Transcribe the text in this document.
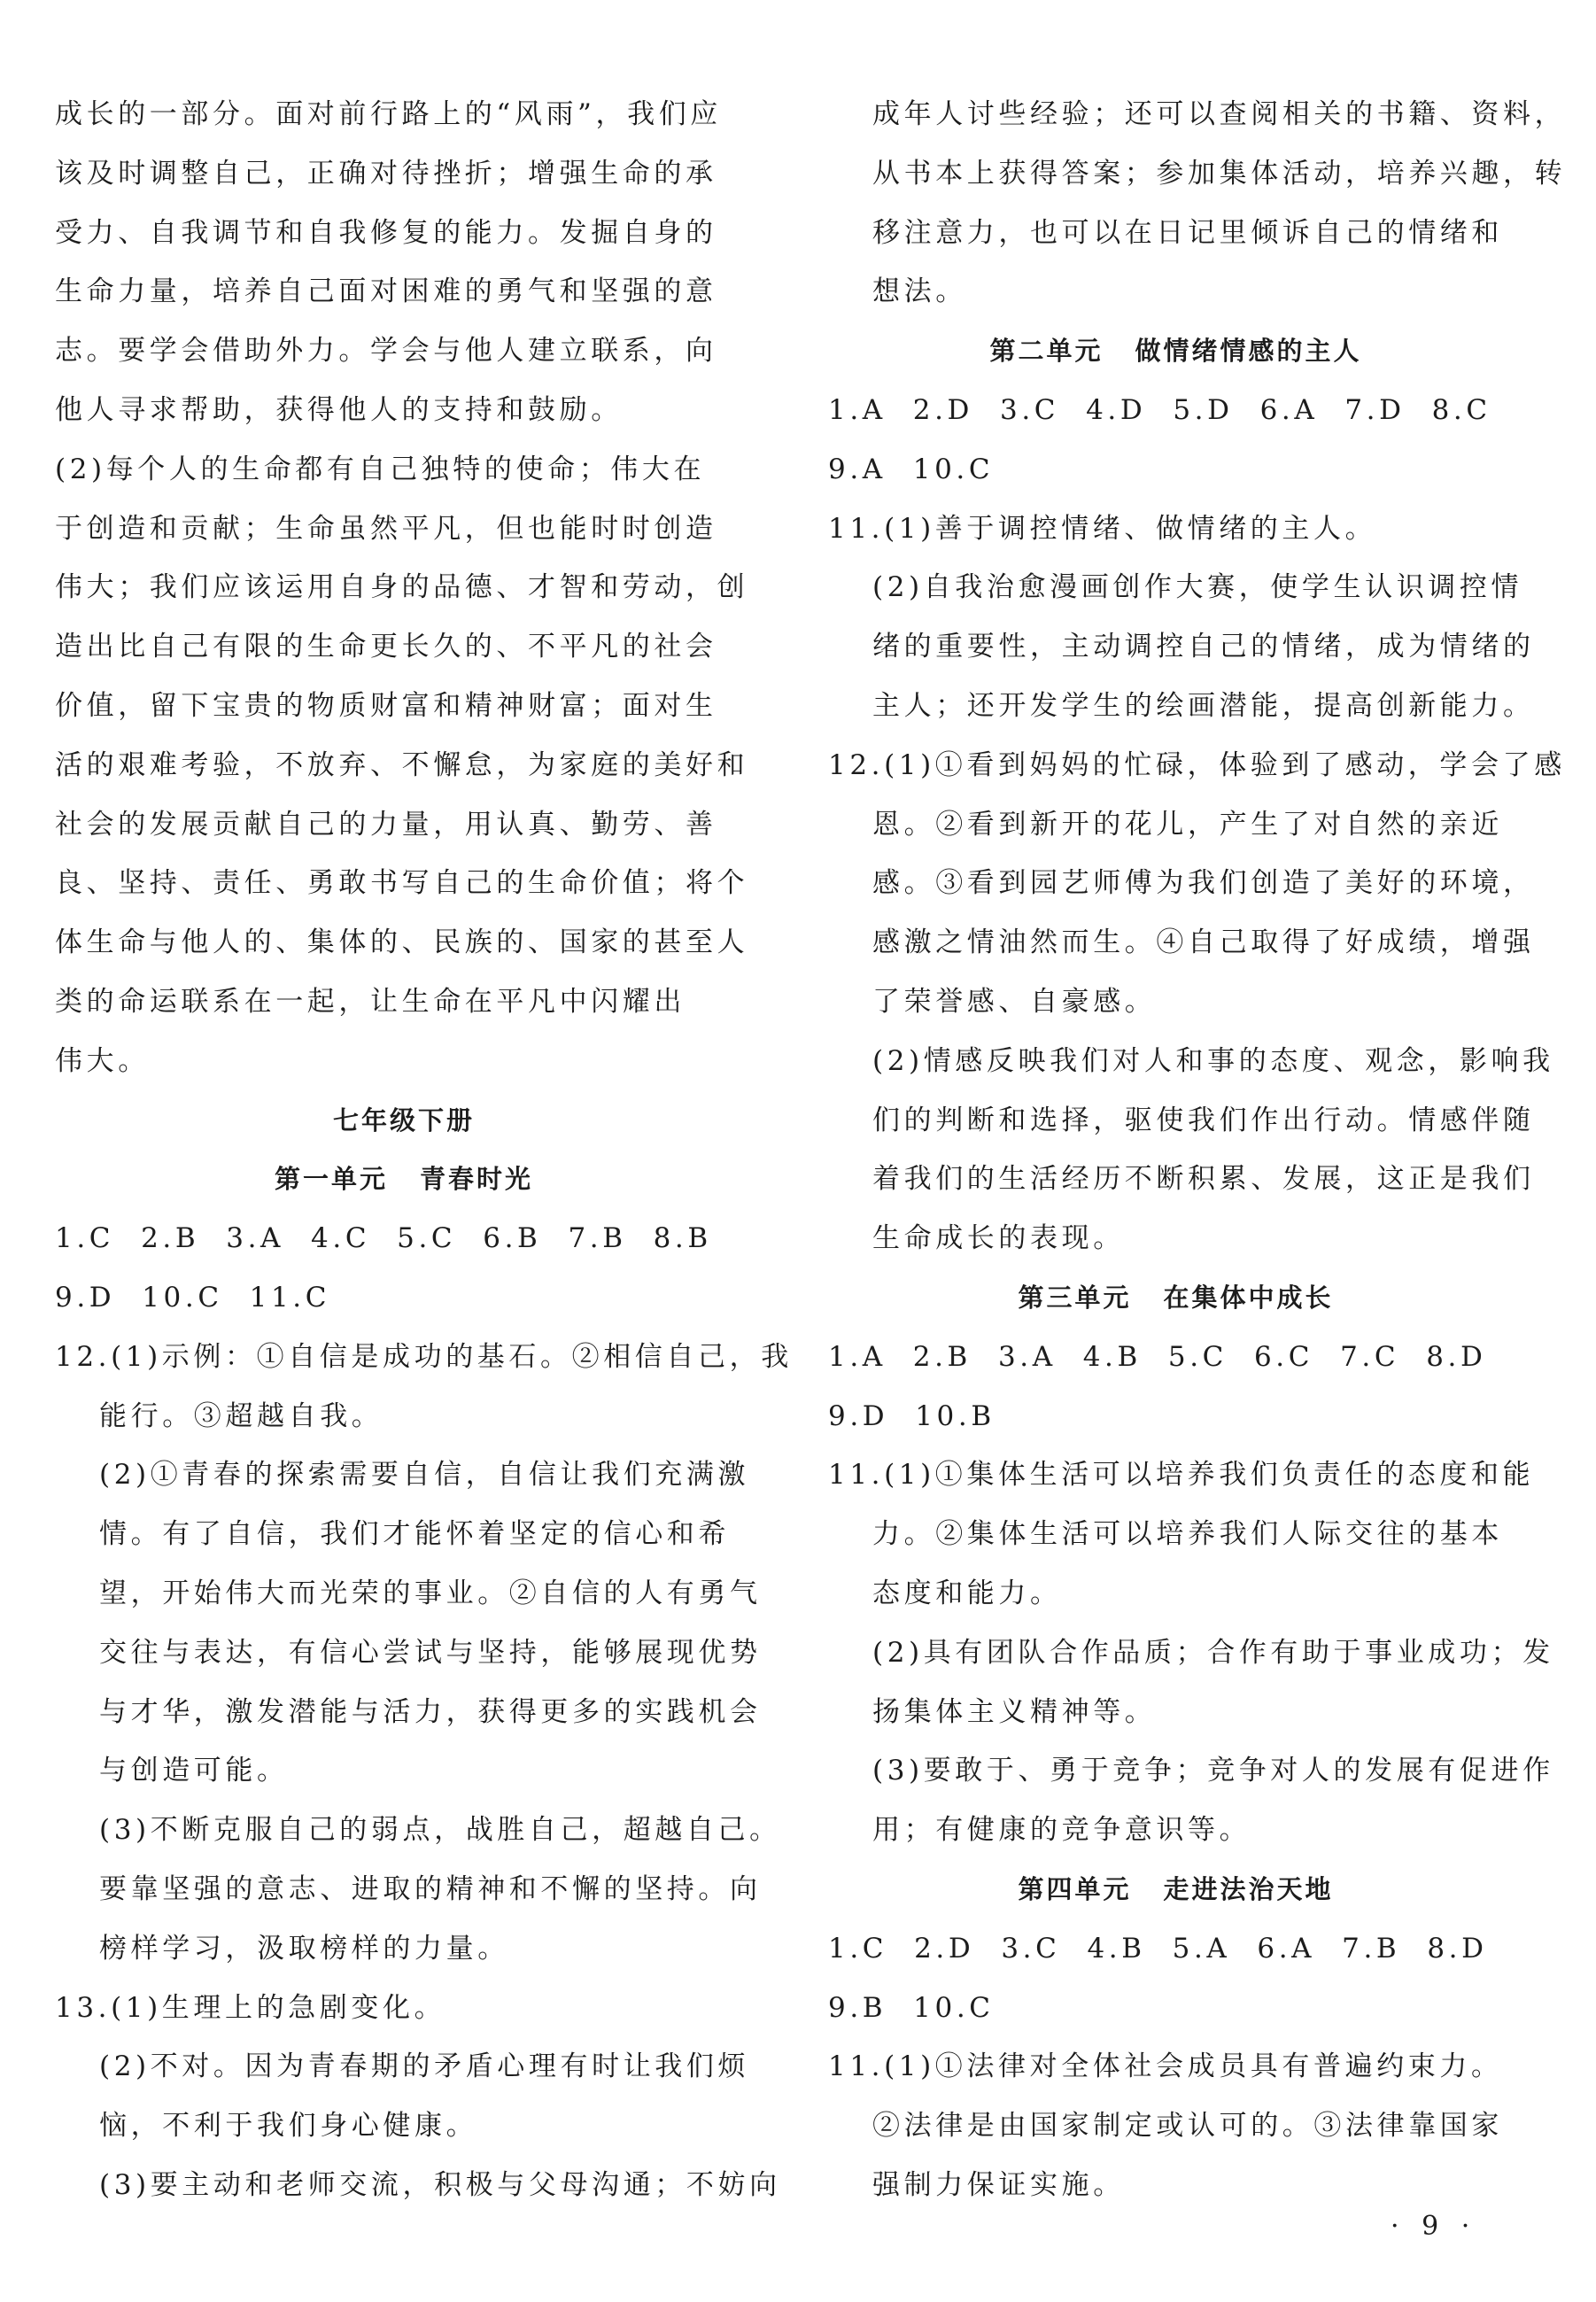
成长的一部分。面对前行路上的“风雨”，我们应
该及时调整自己，正确对待挫折；增强生命的承
受力、自我调节和自我修复的能力。发掘自身的
生命力量，培养自己面对困难的勇气和坚强的意
志。要学会借助外力。学会与他人建立联系，向
他人寻求帮助，获得他人的支持和鼓励。
(2)每个人的生命都有自己独特的使命；伟大在
于创造和贡献；生命虽然平凡，但也能时时创造
伟大；我们应该运用自身的品德、才智和劳动，创
造出比自己有限的生命更长久的、不平凡的社会
价值，留下宝贵的物质财富和精神财富；面对生
活的艰难考验，不放弃、不懈怠，为家庭的美好和
社会的发展贡献自己的力量，用认真、勤劳、善
良、坚持、责任、勇敢书写自己的生命价值；将个
体生命与他人的、集体的、民族的、国家的甚至人
类的命运联系在一起，让生命在平凡中闪耀出
伟大。
七年级下册
第一单元 青春时光
1.C 2.B 3.A 4.C 5.C 6.B 7.B 8.B
9.D 10.C 11.C
12.(1)示例：①自信是成功的基石。②相信自己，我
能行。③超越自我。
(2)①青春的探索需要自信，自信让我们充满激
情。有了自信，我们才能怀着坚定的信心和希
望，开始伟大而光荣的事业。②自信的人有勇气
交往与表达，有信心尝试与坚持，能够展现优势
与才华，激发潜能与活力，获得更多的实践机会
与创造可能。
(3)不断克服自己的弱点，战胜自己，超越自己。
要靠坚强的意志、进取的精神和不懈的坚持。向
榜样学习，汲取榜样的力量。
13.(1)生理上的急剧变化。
(2)不对。因为青春期的矛盾心理有时让我们烦
恼，不利于我们身心健康。
(3)要主动和老师交流，积极与父母沟通；不妨向
成年人讨些经验；还可以查阅相关的书籍、资料，
从书本上获得答案；参加集体活动，培养兴趣，转
移注意力，也可以在日记里倾诉自己的情绪和
想法。
第二单元 做情绪情感的主人
1.A 2.D 3.C 4.D 5.D 6.A 7.D 8.C
9.A 10.C
11.(1)善于调控情绪、做情绪的主人。
(2)自我治愈漫画创作大赛，使学生认识调控情
绪的重要性，主动调控自己的情绪，成为情绪的
主人；还开发学生的绘画潜能，提高创新能力。
12.(1)①看到妈妈的忙碌，体验到了感动，学会了感
恩。②看到新开的花儿，产生了对自然的亲近
感。③看到园艺师傅为我们创造了美好的环境，
感激之情油然而生。④自己取得了好成绩，增强
了荣誉感、自豪感。
(2)情感反映我们对人和事的态度、观念，影响我
们的判断和选择，驱使我们作出行动。情感伴随
着我们的生活经历不断积累、发展，这正是我们
生命成长的表现。
第三单元 在集体中成长
1.A 2.B 3.A 4.B 5.C 6.C 7.C 8.D
9.D 10.B
11.(1)①集体生活可以培养我们负责任的态度和能
力。②集体生活可以培养我们人际交往的基本
态度和能力。
(2)具有团队合作品质；合作有助于事业成功；发
扬集体主义精神等。
(3)要敢于、勇于竞争；竞争对人的发展有促进作
用；有健康的竞争意识等。
第四单元 走进法治天地
1.C 2.D 3.C 4.B 5.A 6.A 7.B 8.D
9.B 10.C
11.(1)①法律对全体社会成员具有普遍约束力。
②法律是由国家制定或认可的。③法律靠国家
强制力保证实施。
· 9 ·
